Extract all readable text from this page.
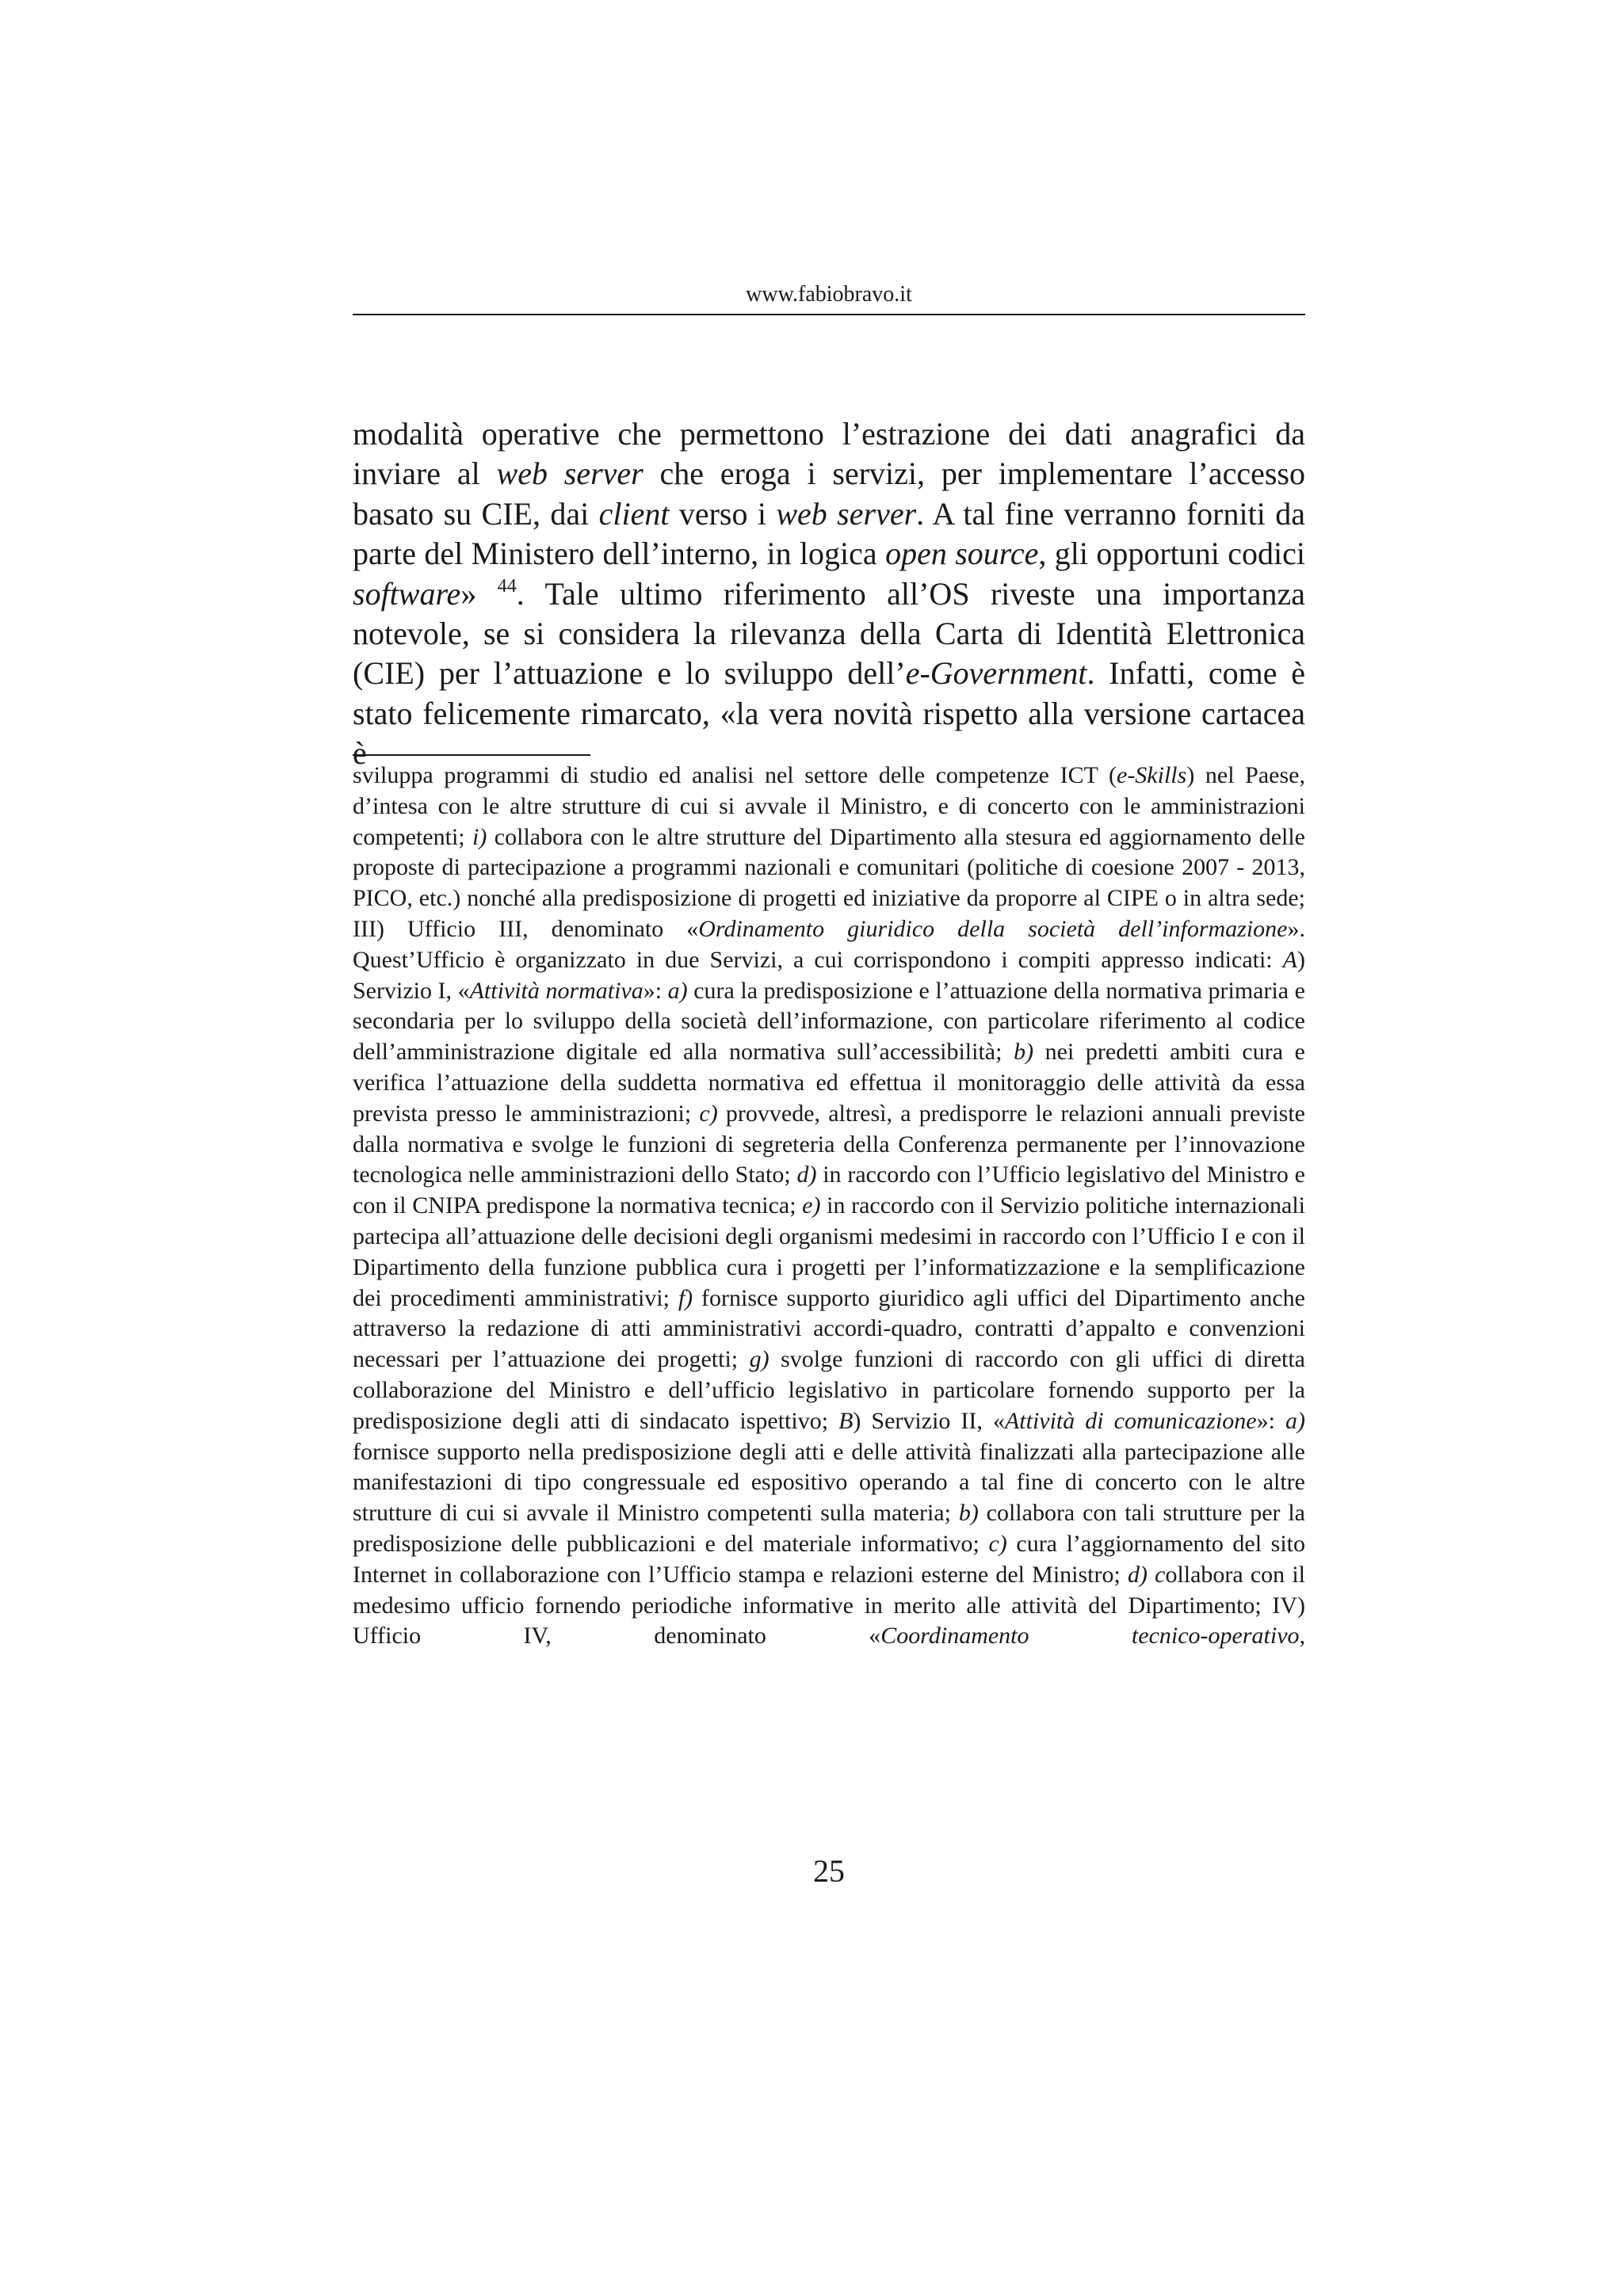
www.fabiobravo.it

modalità operative che permettono l’estrazione dei dati anagrafici da inviare al web server che eroga i servizi, per implementare l’accesso basato su CIE, dai client verso i web server. A tal fine verranno forniti da parte del Ministero dell’interno, in logica open source, gli opportuni codici software» $^{44}$. Tale ultimo riferimento all’OS riveste una importanza notevole, se si considera la rilevanza della Carta di Identità Elettronica (CIE) per l’attuazione e lo sviluppo dell’e-Government. Infatti, come è stato felicemente rimarcato, «la vera novità rispetto alla versione cartacea è

sviluppa programmi di studio ed analisi nel settore delle competenze ICT (e-Skills) nel Paese, d’intesa con le altre strutture di cui si avvale il Ministro, e di concerto con le amministrazioni competenti; i) collabora con le altre strutture del Dipartimento alla stesura ed aggiornamento delle proposte di partecipazione a programmi nazionali e comunitari (politiche di coesione 2007 - 2013, PICO, etc.) nonché alla predisposizione di progetti ed iniziative da proporre al CIPE o in altra sede; III) Ufficio III, denominato «Ordinamento giuridico della società dell’informazione». Quest’Ufficio è organizzato in due Servizi, a cui corrispondono i compiti appresso indicati: A) Servizio I, «Attività normativa»: a) cura la predisposizione e l’attuazione della normativa primaria e secondaria per lo sviluppo della società dell’informazione, con particolare riferimento al codice dell’amministrazione digitale ed alla normativa sull’accessibilità; b) nei predetti ambiti cura e verifica l’attuazione della suddetta normativa ed effettua il monitoraggio delle attività da essa prevista presso le amministrazioni; c) provvede, altresì, a predisporre le relazioni annuali previste dalla normativa e svolge le funzioni di segreteria della Conferenza permanente per l’innovazione tecnologica nelle amministrazioni dello Stato; d) in raccordo con l’Ufficio legislativo del Ministro e con il CNIPA predispone la normativa tecnica; e) in raccordo con il Servizio politiche internazionali partecipa all’attuazione delle decisioni degli organismi medesimi in raccordo con l’Ufficio I e con il Dipartimento della funzione pubblica cura i progetti per l’informatizzazione e la semplificazione dei procedimenti amministrativi; f) fornisce supporto giuridico agli uffici del Dipartimento anche attraverso la redazione di atti amministrativi accordi-quadro, contratti d’appalto e convenzioni necessari per l’attuazione dei progetti; g) svolge funzioni di raccordo con gli uffici di diretta collaborazione del Ministro e dell’ufficio legislativo in particolare fornendo supporto per la predisposizione degli atti di sindacato ispettivo; B) Servizio II, «Attività di comunicazione»: a) fornisce supporto nella predisposizione degli atti e delle attività finalizzati alla partecipazione alle manifestazioni di tipo congressuale ed espositivo operando a tal fine di concerto con le altre strutture di cui si avvale il Ministro competenti sulla materia; b) collabora con tali strutture per la predisposizione delle pubblicazioni e del materiale informativo; c) cura l’aggiornamento del sito Internet in collaborazione con l’Ufficio stampa e relazioni esterne del Ministro; d) collabora con il medesimo ufficio fornendo periodiche informative in merito alle attività del Dipartimento; IV) Ufficio IV, denominato «Coordinamento tecnico-operativo,

25
